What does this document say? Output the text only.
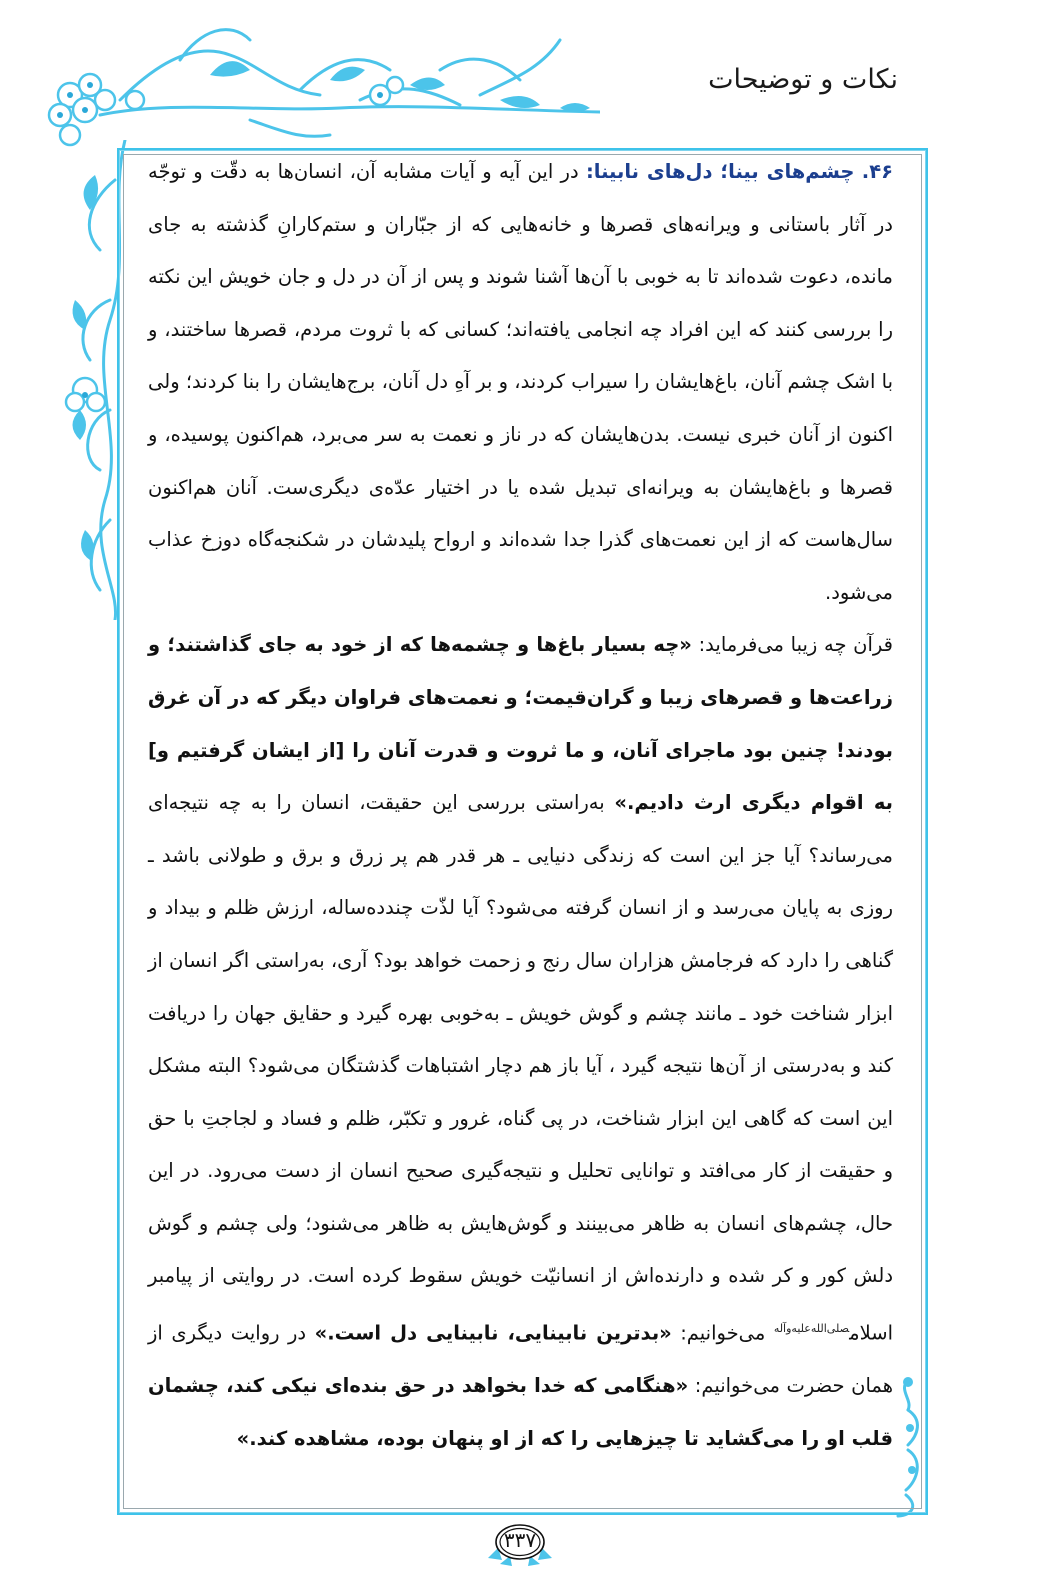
نکات و توضیحات

۴۶. چشم‌های بینا؛ دل‌های نابینا: در این آیه و آیات مشابه آن، انسان‌ها به دقّت و توجّه در آثار باستانی و ویرانه‌های قصرها و خانه‌هایی که از جبّاران و ستم‌کارانِ گذشته به جای مانده، دعوت شده‌اند تا به خوبی با آن‌ها آشنا شوند و پس از آن در دل و جان خویش این نکته را بررسی کنند که این افراد چه انجامی یافته‌اند؛ کسانی که با ثروت مردم، قصرها ساختند، و با اشک چشم آنان، باغ‌هایشان را سیراب کردند، و بر آهِ دل آنان، برج‌هایشان را بنا کردند؛ ولی اکنون از آنان خبری نیست. بدن‌هایشان که در ناز و نعمت به سر می‌برد، هم‌اکنون پوسیده، و قصرها و باغ‌هایشان به ویرانه‌ای تبدیل شده یا در اختیار عدّه‌ی دیگری‌ست. آنان هم‌اکنون سال‌هاست که از این نعمت‌های گذرا جدا شده‌اند و ارواح پلیدشان در شکنجه‌گاه دوزخ عذاب می‌شود.

قرآن چه زیبا می‌فرماید: «چه بسیار باغ‌ها و چشمه‌ها که از خود به جای گذاشتند؛ و زراعت‌ها و قصرهای زیبا و گران‌قیمت؛ و نعمت‌های فراوان دیگر که در آن غرق بودند! چنین بود ماجرای آنان، و ما ثروت و قدرت آنان را [از ایشان گرفتیم و] به اقوام دیگری ارث دادیم.» به‌راستی بررسی این حقیقت، انسان را به چه نتیجه‌ای می‌رساند؟ آیا جز این است که زندگی دنیایی ـ هر قدر هم پر زرق و برق و طولانی باشد ـ روزی به پایان می‌رسد و از انسان گرفته می‌شود؟ آیا لذّت چندده‌ساله، ارزش ظلم و بیداد و گناهی را دارد که فرجامش هزاران سال رنج و زحمت خواهد بود؟ آری، به‌راستی اگر انسان از ابزار شناخت خود ـ مانند چشم و گوش خویش ـ به‌خوبی بهره گیرد و حقایق جهان را دریافت کند و به‌درستی از آن‌ها نتیجه گیرد ، آیا باز هم دچار اشتباهات گذشتگان می‌شود؟ البته مشکل این است که گاهی این ابزار شناخت، در پی گناه، غرور و تکبّر، ظلم و فساد و لجاجتِ با حق و حقیقت از کار می‌افتد و توانایی تحلیل و نتیجه‌گیری صحیح انسان از دست می‌رود. در این حال، چشم‌های انسان به ظاهر می‌بینند و گوش‌هایش به ظاهر می‌شنود؛ ولی چشم و گوش دلش کور و کر شده و دارنده‌اش از انسانیّت خویش سقوط کرده است. در روایتی از پیامبر اسلام$^{صلی‌الله‌علیه‌وآله}$ می‌خوانیم: «بدترین نابینایی، نابینایی دل است.» در روایت دیگری از همان حضرت می‌خوانیم: «هنگامی که خدا بخواهد در حق بنده‌ای نیکی کند، چشمان قلب او را می‌گشاید تا چیزهایی را که از او پنهان بوده، مشاهده کند.»

۳۳۷
